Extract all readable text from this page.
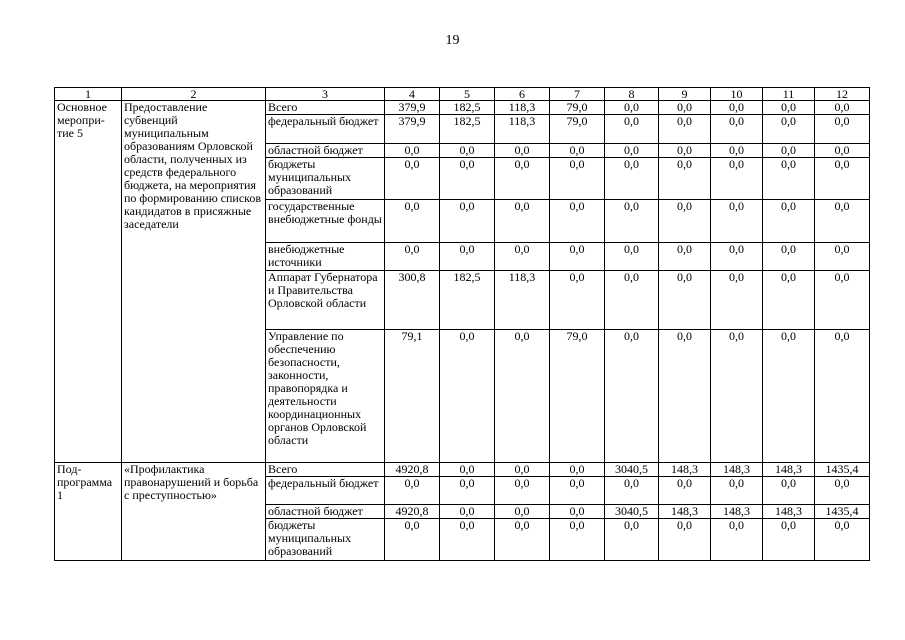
19
1	2	3	4	5	6	7	8	9	10	11	12
Основное меропри-тие 5	Предоставление субвенций муниципальным образованиям Орловской области, полученных из средств федерального бюджета, на мероприятия по формированию списков кандидатов в присяжные заседатели	Всего	379,9	182,5	118,3	79,0	0,0	0,0	0,0	0,0	0,0
		федеральный бюджет	379,9	182,5	118,3	79,0	0,0	0,0	0,0	0,0	0,0
		областной бюджет	0,0	0,0	0,0	0,0	0,0	0,0	0,0	0,0	0,0
		бюджеты муниципальных образований	0,0	0,0	0,0	0,0	0,0	0,0	0,0	0,0	0,0
		государственные внебюджетные фонды	0,0	0,0	0,0	0,0	0,0	0,0	0,0	0,0	0,0
		внебюджетные источники	0,0	0,0	0,0	0,0	0,0	0,0	0,0	0,0	0,0
		Аппарат Губернатора и Правительства Орловской области	300,8	182,5	118,3	0,0	0,0	0,0	0,0	0,0	0,0
		Управление по обеспечению безопасности, законности, правопорядка и деятельности координационных органов Орловской области	79,1	0,0	0,0	79,0	0,0	0,0	0,0	0,0	0,0
Под-программа 1	«Профилактика правонарушений и борьба с преступностью»	Всего	4920,8	0,0	0,0	0,0	3040,5	148,3	148,3	148,3	1435,4
		федеральный бюджет	0,0	0,0	0,0	0,0	0,0	0,0	0,0	0,0	0,0
		областной бюджет	4920,8	0,0	0,0	0,0	3040,5	148,3	148,3	148,3	1435,4
		бюджеты муниципальных образований	0,0	0,0	0,0	0,0	0,0	0,0	0,0	0,0	0,0
